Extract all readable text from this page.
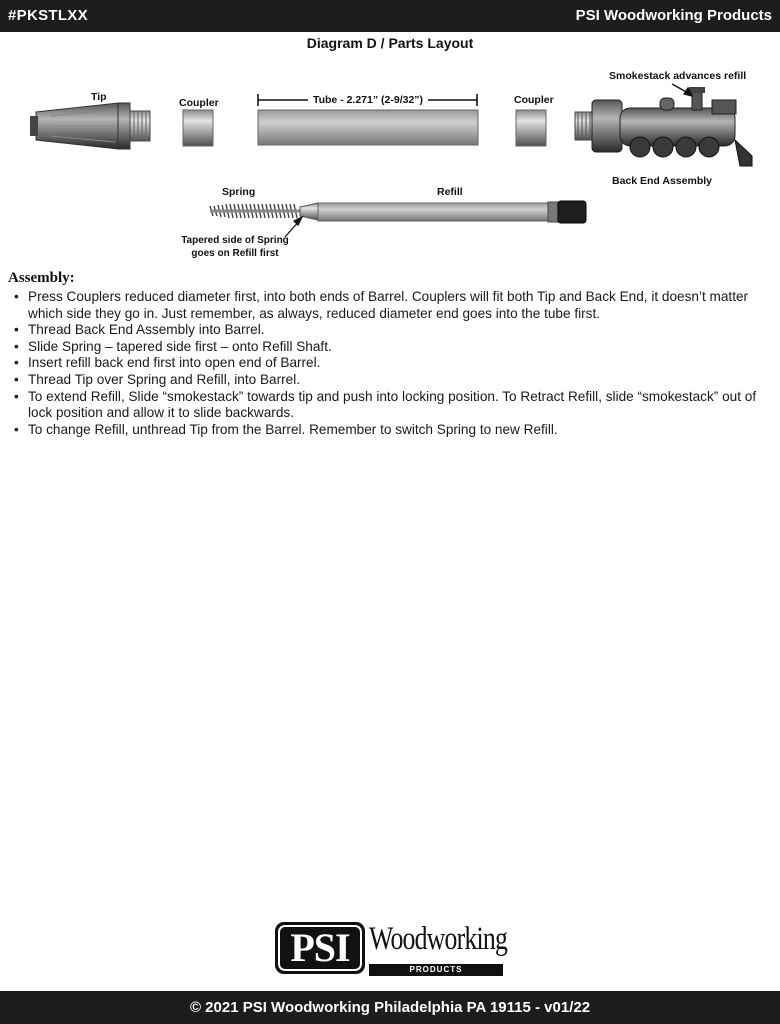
#PKSTLXX	PSI Woodworking Products
Diagram D / Parts Layout
Tip	Coupler	Tube - 2.271” (2-9/32”)	Coupler
Smokestack advances refill
Back End Assembly
Spring	Refill
Tapered side of Spring
goes on Refill first
Assembly:
• Press Couplers reduced diameter first, into both ends of Barrel. Couplers will fit both Tip and Back End, it doesn’t matter which side they go in. Just remember, as always, reduced diameter end goes into the tube first.
• Thread Back End Assembly into Barrel.
• Slide Spring – tapered side first – onto Refill Shaft.
• Insert refill back end first into open end of Barrel.
• Thread Tip over Spring and Refill, into Barrel.
• To extend Refill, Slide “smokestack” towards tip and push into locking position. To Retract Refill, slide “smokestack” out of lock position and allow it to slide backwards.
• To change Refill, unthread Tip from the Barrel. Remember to switch Spring to new Refill.
PSI Woodworking
PRODUCTS
© 2021 PSI Woodworking Philadelphia PA 19115 - v01/22
